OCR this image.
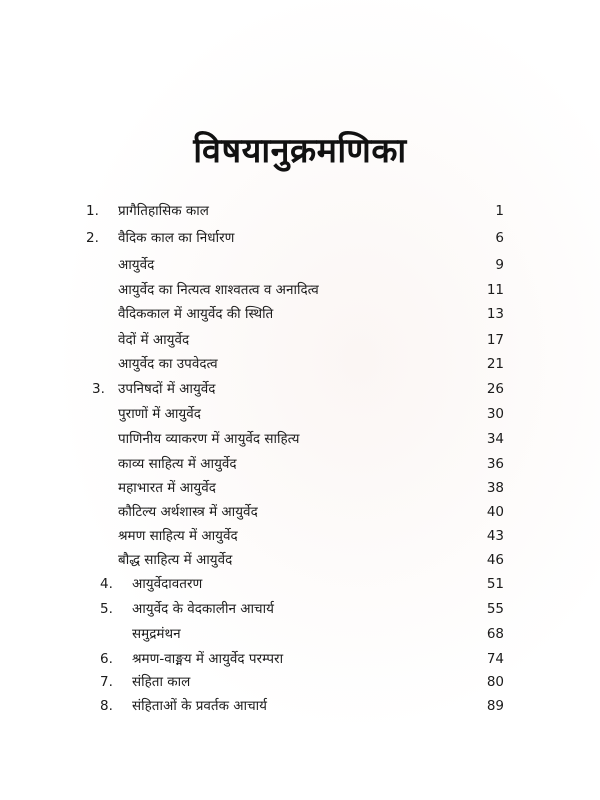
विषयानुक्रमणिका
1. प्रागैतिहासिक काल	1
2. वैदिक काल का निर्धारण	6
आयुर्वेद	9
आयुर्वेद का नित्यत्व शाश्वतत्व व अनादित्व	11
वैदिककाल में आयुर्वेद की स्थिति	13
वेदों में आयुर्वेद	17
आयुर्वेद का उपवेदत्व	21
3. उपनिषदों में आयुर्वेद	26
पुराणों में आयुर्वेद	30
पाणिनीय व्याकरण में आयुर्वेद साहित्य	34
काव्य साहित्य में आयुर्वेद	36
महाभारत में आयुर्वेद	38
कौटिल्य अर्थशास्त्र में आयुर्वेद	40
श्रमण साहित्य में आयुर्वेद	43
बौद्ध साहित्य में आयुर्वेद	46
4. आयुर्वेदावतरण	51
5. आयुर्वेद के वेदकालीन आचार्य	55
समुद्रमंथन	68
6. श्रमण-वाङ्मय में आयुर्वेद परम्परा	74
7. संहिता काल	80
8. संहिताओं के प्रवर्तक आचार्य	89
